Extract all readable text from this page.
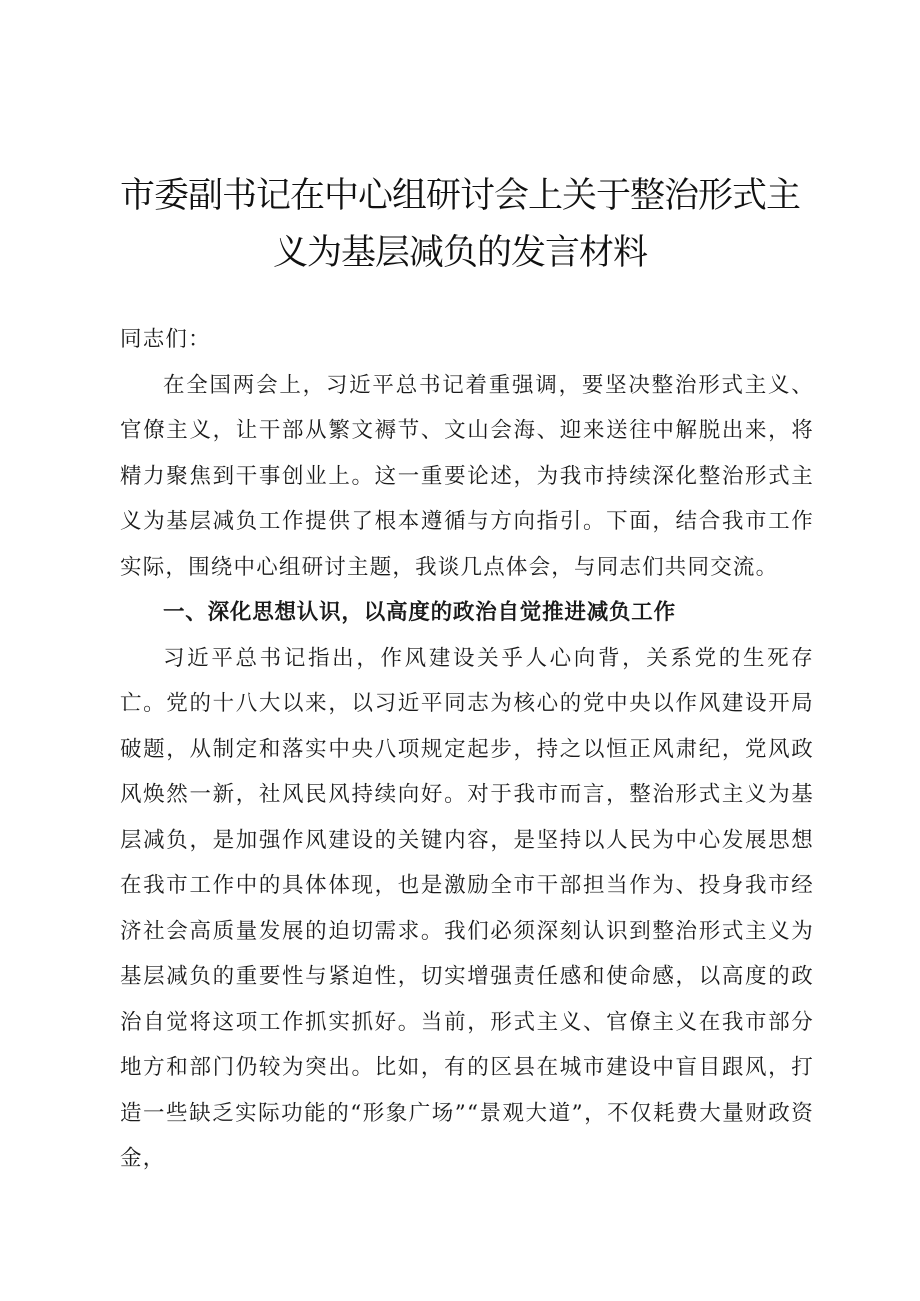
市委副书记在中心组研讨会上关于整治形式主
义为基层减负的发言材料

同志们：

在全国两会上，习近平总书记着重强调，要坚决整治形式主义、官僚主义，让干部从繁文褥节、文山会海、迎来送往中解脱出来，将精力聚焦到干事创业上。这一重要论述，为我市持续深化整治形式主义为基层减负工作提供了根本遵循与方向指引。下面，结合我市工作实际，围绕中心组研讨主题，我谈几点体会，与同志们共同交流。

一、深化思想认识，以高度的政治自觉推进减负工作

习近平总书记指出，作风建设关乎人心向背，关系党的生死存亡。党的十八大以来，以习近平同志为核心的党中央以作风建设开局破题，从制定和落实中央八项规定起步，持之以恒正风肃纪，党风政风焕然一新，社风民风持续向好。对于我市而言，整治形式主义为基层减负，是加强作风建设的关键内容，是坚持以人民为中心发展思想在我市工作中的具体体现，也是激励全市干部担当作为、投身我市经济社会高质量发展的迫切需求。我们必须深刻认识到整治形式主义为基层减负的重要性与紧迫性，切实增强责任感和使命感，以高度的政治自觉将这项工作抓实抓好。当前，形式主义、官僚主义在我市部分地方和部门仍较为突出。比如，有的区县在城市建设中盲目跟风，打造一些缺乏实际功能的“形象广场”“景观大道”，不仅耗费大量财政资金，
